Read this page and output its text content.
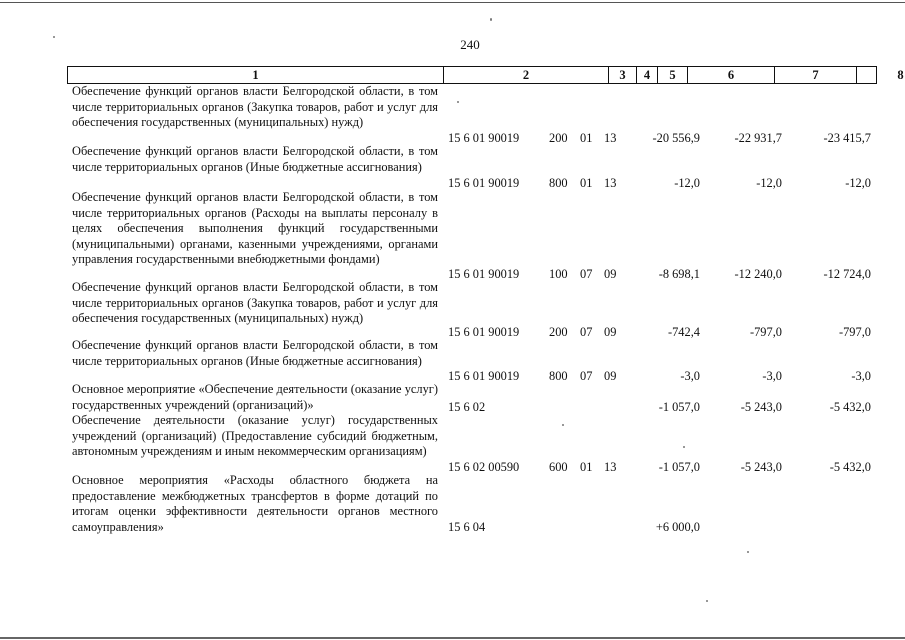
240
1	2	3	4	5	6	7	8
Обеспечение функций органов власти Белгородской области, в том числе территориальных органов (Закупка товаров, работ и услуг для обеспечения государственных (муниципальных) нужд)
15 6 01 90019 200 01 13	-20 556,9	-22 931,7	-23 415,7
Обеспечение функций органов власти Белгородской области, в том числе территориальных органов (Иные бюджетные ассигнования)
15 6 01 90019 800 01 13	-12,0	-12,0	-12,0
Обеспечение функций органов власти Белгородской области, в том числе территориальных органов (Расходы на выплаты персоналу в целях обеспечения выполнения функций государственными (муниципальными) органами, казенными учреждениями, органами управления государственными внебюджетными фондами)
15 6 01 90019 100 07 09	-8 698,1	-12 240,0	-12 724,0
Обеспечение функций органов власти Белгородской области, в том числе территориальных органов (Закупка товаров, работ и услуг для обеспечения государственных (муниципальных) нужд)
15 6 01 90019 200 07 09	-742,4	-797,0	-797,0
Обеспечение функций органов власти Белгородской области, в том числе территориальных органов (Иные бюджетные ассигнования)
15 6 01 90019 800 07 09	-3,0	-3,0	-3,0
Основное мероприятие «Обеспечение деятельности (оказание услуг) государственных учреждений (организаций)»	15 6 02	-1 057,0	-5 243,0	-5 432,0
Обеспечение деятельности (оказание услуг) государственных учреждений (организаций) (Предоставление субсидий бюджетным, автономным учреждениям и иным некоммерческим организациям)
15 6 02 00590 600 01 13	-1 057,0	-5 243,0	-5 432,0
Основное мероприятия «Расходы областного бюджета на предоставление межбюджетных трансфертов в форме дотаций по итогам оценки эффективности деятельности органов местного самоуправления»	15 6 04	+6 000,0
